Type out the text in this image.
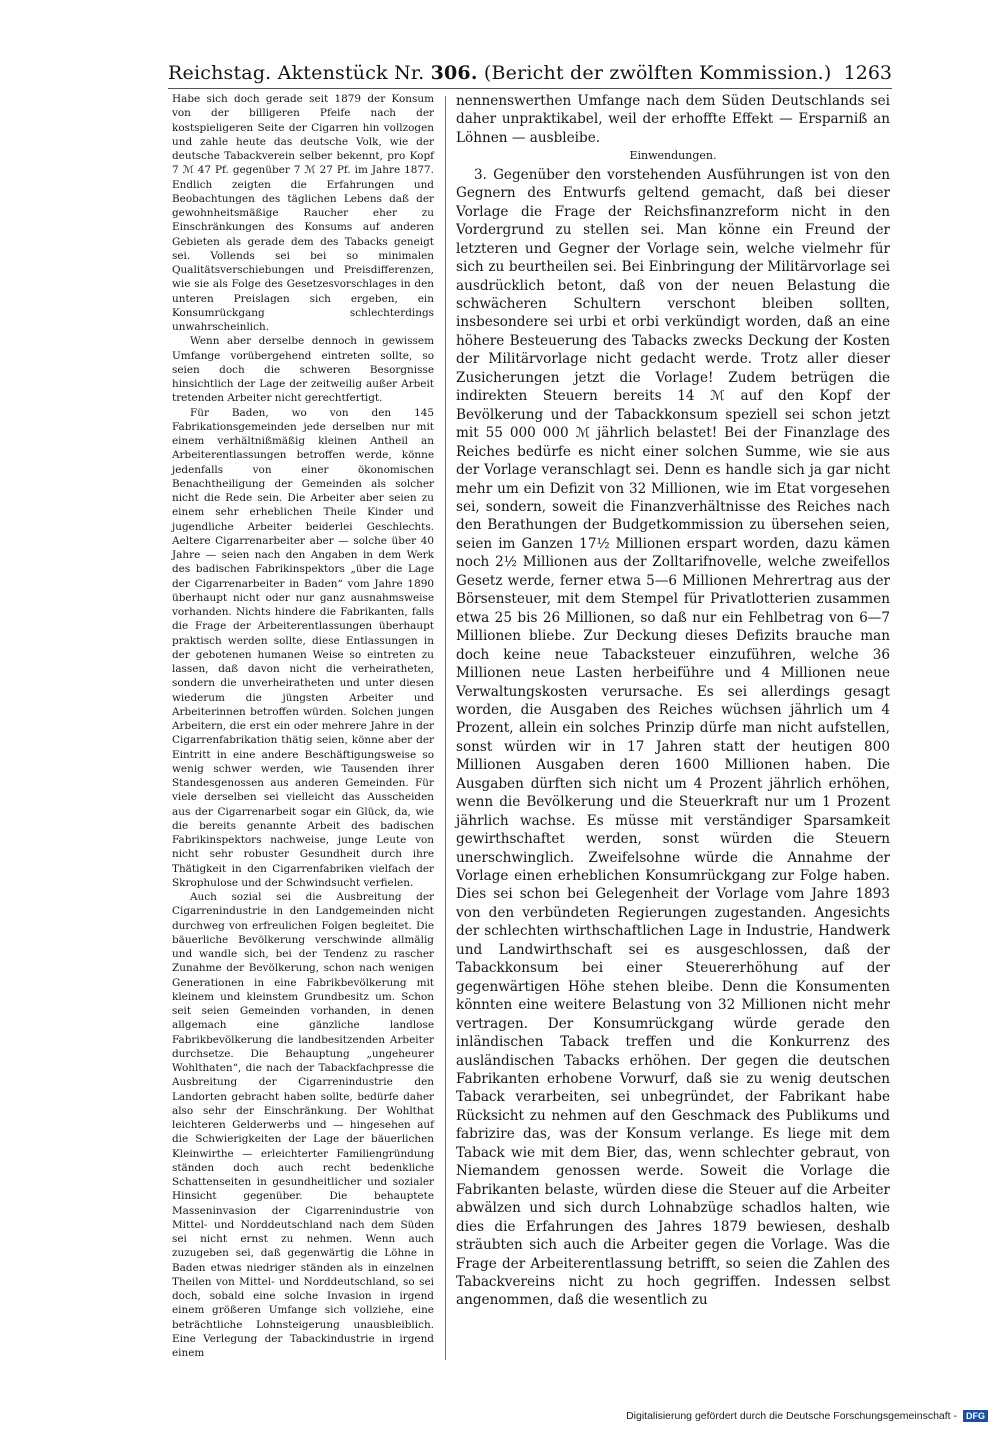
Reichstag. Aktenstück Nr. 306. (Bericht der zwölften Kommission.) 1263

Habe sich doch gerade seit 1879 der Konsum von der billigeren Pfeife nach der kostspieligeren Seite der Cigarren hin vollzogen und zahle heute das deutsche Volk, wie der deutsche Tabackverein selber bekennt, pro Kopf 7 ℳ 47 Pf. gegenüber 7 ℳ 27 Pf. im Jahre 1877. Endlich zeigten die Erfahrungen und Beobachtungen des täglichen Lebens daß der gewohnheitsmäßige Raucher eher zu Einschränkungen des Konsums auf anderen Gebieten als gerade dem des Tabacks geneigt sei. Vollends sei bei so minimalen Qualitätsverschiebungen und Preisdifferenzen, wie sie als Folge des Gesetzesvorschlages in den unteren Preislagen sich ergeben, ein Konsumrückgang schlechterdings unwahrscheinlich.

Wenn aber derselbe dennoch in gewissem Umfange vorübergehend eintreten sollte, so seien doch die schweren Besorgnisse hinsichtlich der Lage der zeitweilig außer Arbeit tretenden Arbeiter nicht gerechtfertigt.

Für Baden, wo von den 145 Fabrikationsgemeinden jede derselben nur mit einem verhältnißmäßig kleinen Antheil an Arbeiterentlassungen betroffen werde, könne jedenfalls von einer ökonomischen Benachtheiligung der Gemeinden als solcher nicht die Rede sein. Die Arbeiter aber seien zu einem sehr erheblichen Theile Kinder und jugendliche Arbeiter beiderlei Geschlechts. Aeltere Cigarrenarbeiter aber — solche über 40 Jahre — seien nach den Angaben in dem Werk des badischen Fabrikinspektors „über die Lage der Cigarrenarbeiter in Baden“ vom Jahre 1890 überhaupt nicht oder nur ganz ausnahmsweise vorhanden. Nichts hindere die Fabrikanten, falls die Frage der Arbeiterentlassungen überhaupt praktisch werden sollte, diese Entlassungen in der gebotenen humanen Weise so eintreten zu lassen, daß davon nicht die verheiratheten, sondern die unverheiratheten und unter diesen wiederum die jüngsten Arbeiter und Arbeiterinnen betroffen würden. Solchen jungen Arbeitern, die erst ein oder mehrere Jahre in der Cigarrenfabrikation thätig seien, könne aber der Eintritt in eine andere Beschäftigungsweise so wenig schwer werden, wie Tausenden ihrer Standesgenossen aus anderen Gemeinden. Für viele derselben sei vielleicht das Ausscheiden aus der Cigarrenarbeit sogar ein Glück, da, wie die bereits genannte Arbeit des badischen Fabrikinspektors nachweise, junge Leute von nicht sehr robuster Gesundheit durch ihre Thätigkeit in den Cigarrenfabriken vielfach der Skrophulose und der Schwindsucht verfielen.

Auch sozial sei die Ausbreitung der Cigarrenindustrie in den Landgemeinden nicht durchweg von erfreulichen Folgen begleitet. Die bäuerliche Bevölkerung verschwinde allmälig und wandle sich, bei der Tendenz zu rascher Zunahme der Bevölkerung, schon nach wenigen Generationen in eine Fabrikbevölkerung mit kleinem und kleinstem Grundbesitz um. Schon seit seien Gemeinden vorhanden, in denen allgemach eine gänzliche landlose Fabrikbevölkerung die landbesitzenden Arbeiter durchsetze. Die Behauptung „ungeheurer Wohlthaten“, die nach der Tabackfachpresse die Ausbreitung der Cigarrenindustrie den Landorten gebracht haben sollte, bedürfe daher also sehr der Einschränkung. Der Wohlthat leichteren Gelderwerbs und — hingesehen auf die Schwierigkeiten der Lage der bäuerlichen Kleinwirthe — erleichterter Familiengründung ständen doch auch recht bedenkliche Schattenseiten in gesundheitlicher und sozialer Hinsicht gegenüber. Die behauptete Masseninvasion der Cigarrenindustrie von Mittel- und Norddeutschland nach dem Süden sei nicht ernst zu nehmen. Wenn auch zuzugeben sei, daß gegenwärtig die Löhne in Baden etwas niedriger ständen als in einzelnen Theilen von Mittel- und Norddeutschland, so sei doch, sobald eine solche Invasion in irgend einem größeren Umfange sich vollziehe, eine beträchtliche Lohnsteigerung unausbleiblich. Eine Verlegung der Tabackindustrie in irgend einem

nennenswerthen Umfange nach dem Süden Deutschlands sei daher unpraktikabel, weil der erhoffte Effekt — Ersparniß an Löhnen — ausbleibe.

Einwendungen.

3. Gegenüber den vorstehenden Ausführungen ist von den Gegnern des Entwurfs geltend gemacht, daß bei dieser Vorlage die Frage der Reichsfinanzreform nicht in den Vordergrund zu stellen sei. Man könne ein Freund der letzteren und Gegner der Vorlage sein, welche vielmehr für sich zu beurtheilen sei. Bei Einbringung der Militärvorlage sei ausdrücklich betont, daß von der neuen Belastung die schwächeren Schultern verschont bleiben sollten, insbesondere sei urbi et orbi verkündigt worden, daß an eine höhere Besteuerung des Tabacks zwecks Deckung der Kosten der Militärvorlage nicht gedacht werde. Trotz aller dieser Zusicherungen jetzt die Vorlage! Zudem betrügen die indirekten Steuern bereits 14 ℳ auf den Kopf der Bevölkerung und der Tabackkonsum speziell sei schon jetzt mit 55 000 000 ℳ jährlich belastet! Bei der Finanzlage des Reiches bedürfe es nicht einer solchen Summe, wie sie aus der Vorlage veranschlagt sei. Denn es handle sich ja gar nicht mehr um ein Defizit von 32 Millionen, wie im Etat vorgesehen sei, sondern, soweit die Finanzverhältnisse des Reiches nach den Berathungen der Budgetkommission zu übersehen seien, seien im Ganzen 17½ Millionen erspart worden, dazu kämen noch 2½ Millionen aus der Zolltarifnovelle, welche zweifellos Gesetz werde, ferner etwa 5—6 Millionen Mehrertrag aus der Börsensteuer, mit dem Stempel für Privatlotterien zusammen etwa 25 bis 26 Millionen, so daß nur ein Fehlbetrag von 6—7 Millionen bliebe. Zur Deckung dieses Defizits brauche man doch keine neue Tabacksteuer einzuführen, welche 36 Millionen neue Lasten herbeiführe und 4 Millionen neue Verwaltungskosten verursache. Es sei allerdings gesagt worden, die Ausgaben des Reiches wüchsen jährlich um 4 Prozent, allein ein solches Prinzip dürfe man nicht aufstellen, sonst würden wir in 17 Jahren statt der heutigen 800 Millionen Ausgaben deren 1600 Millionen haben. Die Ausgaben dürften sich nicht um 4 Prozent jährlich erhöhen, wenn die Bevölkerung und die Steuerkraft nur um 1 Prozent jährlich wachse. Es müsse mit verständiger Sparsamkeit gewirthschaftet werden, sonst würden die Steuern unerschwinglich. Zweifelsohne würde die Annahme der Vorlage einen erheblichen Konsumrückgang zur Folge haben. Dies sei schon bei Gelegenheit der Vorlage vom Jahre 1893 von den verbündeten Regierungen zugestanden. Angesichts der schlechten wirthschaftlichen Lage in Industrie, Handwerk und Landwirthschaft sei es ausgeschlossen, daß der Tabackkonsum bei einer Steuererhöhung auf der gegenwärtigen Höhe stehen bleibe. Denn die Konsumenten könnten eine weitere Belastung von 32 Millionen nicht mehr vertragen. Der Konsumrückgang würde gerade den inländischen Taback treffen und die Konkurrenz des ausländischen Tabacks erhöhen. Der gegen die deutschen Fabrikanten erhobene Vorwurf, daß sie zu wenig deutschen Taback verarbeiten, sei unbegründet, der Fabrikant habe Rücksicht zu nehmen auf den Geschmack des Publikums und fabrizire das, was der Konsum verlange. Es liege mit dem Taback wie mit dem Bier, das, wenn schlechter gebraut, von Niemandem genossen werde. Soweit die Vorlage die Fabrikanten belaste, würden diese die Steuer auf die Arbeiter abwälzen und sich durch Lohnabzüge schadlos halten, wie dies die Erfahrungen des Jahres 1879 bewiesen, deshalb sträubten sich auch die Arbeiter gegen die Vorlage. Was die Frage der Arbeiterentlassung betrifft, so seien die Zahlen des Tabackvereins nicht zu hoch gegriffen. Indessen selbst angenommen, daß die wesentlich zu

Digitalisierung gefördert durch die Deutsche Forschungsgemeinschaft -	DFG
